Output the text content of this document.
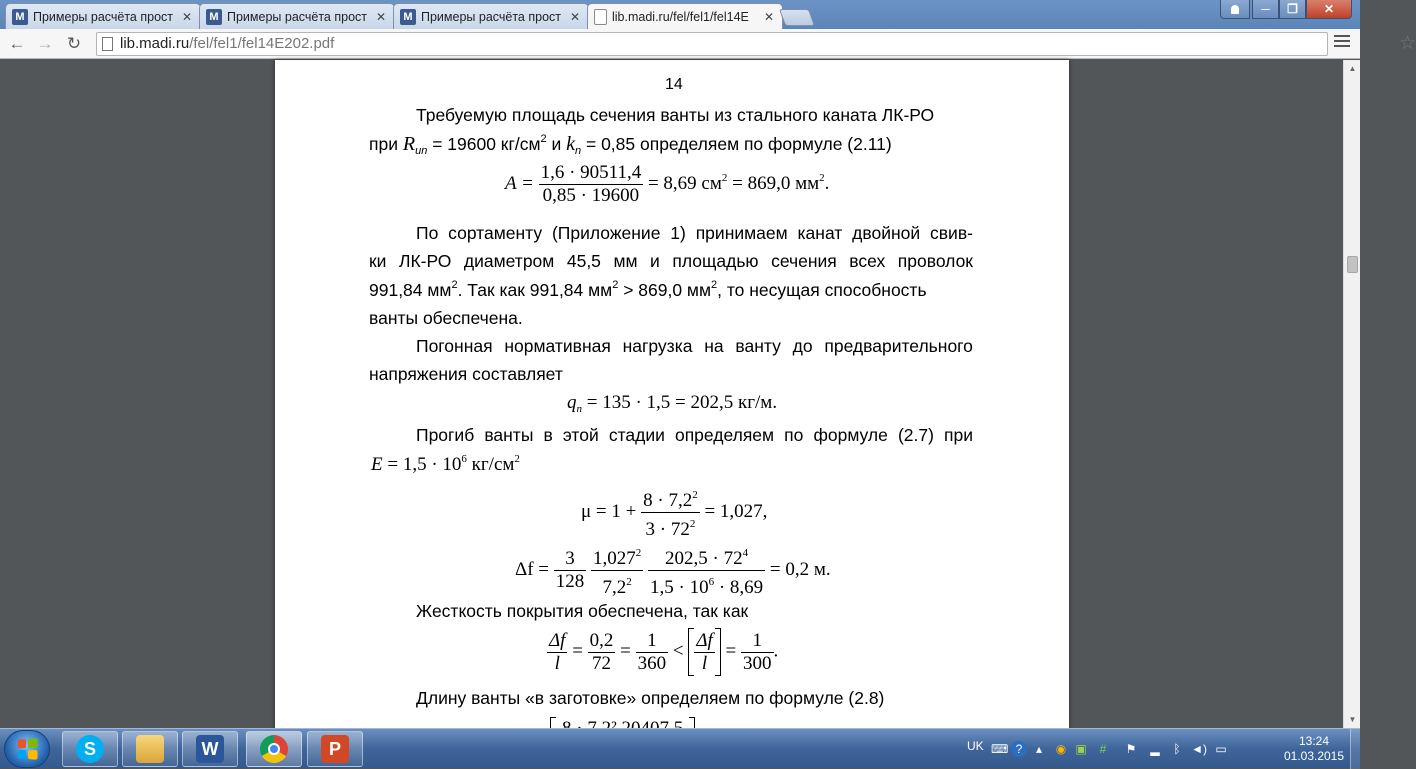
M Примеры расчёта прост ✕	M Примеры расчёта прост ✕	M Примеры расчёта прост ✕	lib.madi.ru/fel/fel1/fel14E	✕
─	❐	✕
← → ↻	lib.madi.ru/fel/fel1/fel14E202.pdf	☆
14
Требуемую площадь сечения ванты из стального каната ЛК-РО
при $R_{un} = 19600$ $кг/см^2$ и $k_n = 0,85$ определяем по формуле (2.11)
$A = \frac{1,6 \cdot 90511,4}{0,85 \cdot 19600} = 8,69$ $см^2 = 869,0$ $мм^2$.
По сортаменту (Приложение 1) принимаем канат двойной свив-
ки ЛК-РО диаметром 45,5 мм и площадью сечения всех проволок
991,84 $мм^2$. Так как 991,84 $мм^2 > 869,0$ $мм^2$, то несущая способность
ванты обеспечена.
Погонная нормативная нагрузка на ванту до предварительного
напряжения составляет
$q_n = 135 \cdot 1,5 = 202,5$ кг/м.
Прогиб ванты в этой стадии определяем по формуле (2.7) при
$E = 1,5 \cdot 10^6$ $кг/см^2$
$\mu = 1 + \frac{8 \cdot 7,2^2}{3 \cdot 72^2} = 1,027$,
$\Delta f = \frac{3}{128}$
$\frac{1,027^2}{7,2^2}$
$\frac{202,5 \cdot 72^4}{1,5 \cdot 10^6 \cdot 8,69} = 0,2$ м.
Жесткость покрытия обеспечена, так как
$\frac{\Delta f}{l} = \frac{0,2}{72} = \frac{1}{360} < \frac{\Delta f}{l} = \frac{1}{300}$ .
Длину ванты «в заготовке» определяем по формуле (2.8)
▲
▼
S	W	P	UK ⌨ ?	▴	◉ ▣	#	⚑ ▂	ᛒ ◄) ▭
13:24
01.03.2015
